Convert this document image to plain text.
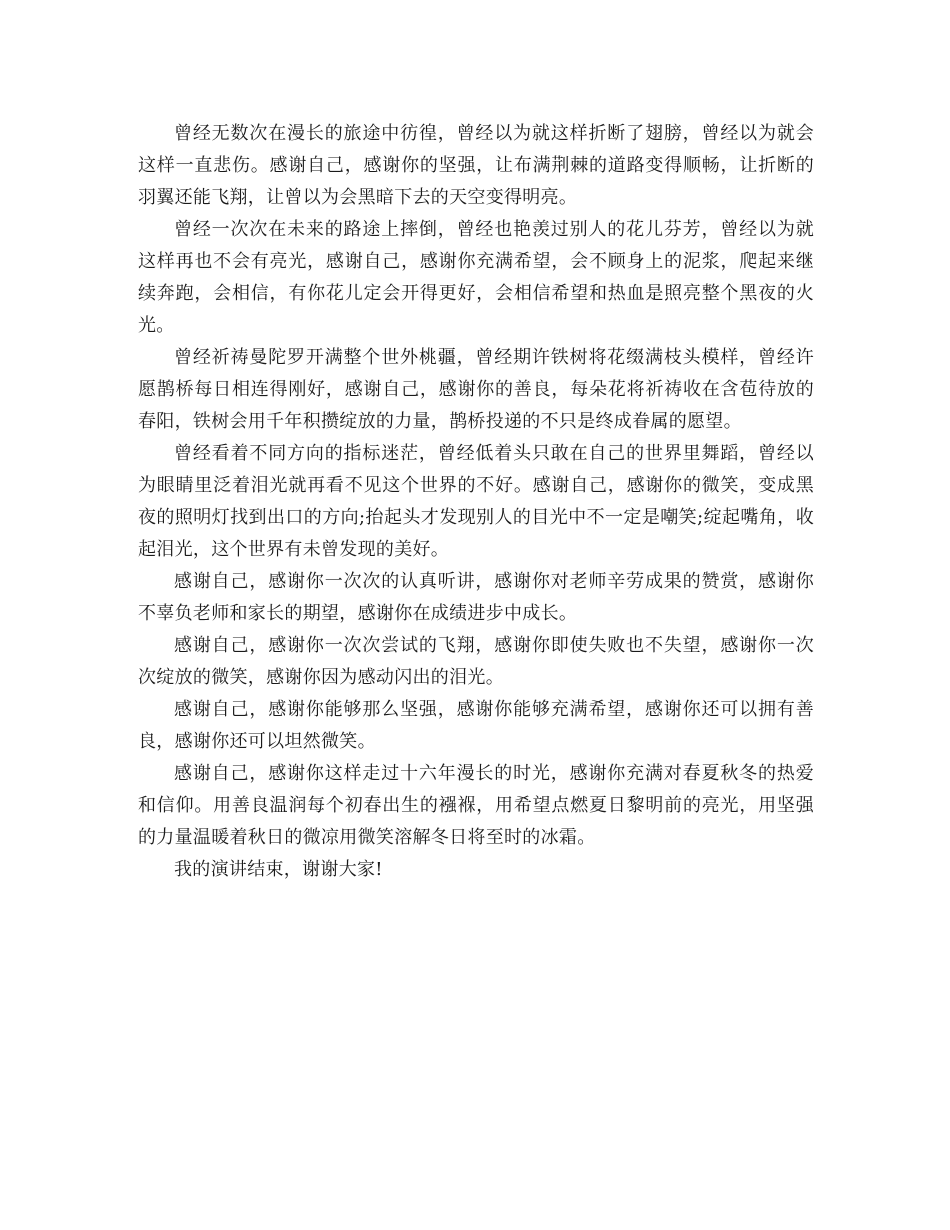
曾经无数次在漫长的旅途中彷徨，曾经以为就这样折断了翅膀，曾经以为就会这样一直悲伤。感谢自己，感谢你的坚强，让布满荆棘的道路变得顺畅，让折断的羽翼还能飞翔，让曾以为会黑暗下去的天空变得明亮。

曾经一次次在未来的路途上摔倒，曾经也艳羡过别人的花儿芬芳，曾经以为就这样再也不会有亮光，感谢自己，感谢你充满希望，会不顾身上的泥浆，爬起来继续奔跑，会相信，有你花儿定会开得更好，会相信希望和热血是照亮整个黑夜的火光。

曾经祈祷曼陀罗开满整个世外桃疆，曾经期许铁树将花缀满枝头模样，曾经许愿鹊桥每日相连得刚好，感谢自己，感谢你的善良，每朵花将祈祷收在含苞待放的春阳，铁树会用千年积攒绽放的力量，鹊桥投递的不只是终成眷属的愿望。

曾经看着不同方向的指标迷茫，曾经低着头只敢在自己的世界里舞蹈，曾经以为眼睛里泛着泪光就再看不见这个世界的不好。感谢自己，感谢你的微笑，变成黑夜的照明灯找到出口的方向;抬起头才发现别人的目光中不一定是嘲笑;绽起嘴角，收起泪光，这个世界有未曾发现的美好。

感谢自己，感谢你一次次的认真听讲，感谢你对老师辛劳成果的赞赏，感谢你不辜负老师和家长的期望，感谢你在成绩进步中成长。

感谢自己，感谢你一次次尝试的飞翔，感谢你即使失败也不失望，感谢你一次次绽放的微笑，感谢你因为感动闪出的泪光。

感谢自己，感谢你能够那么坚强，感谢你能够充满希望，感谢你还可以拥有善良，感谢你还可以坦然微笑。

感谢自己，感谢你这样走过十六年漫长的时光，感谢你充满对春夏秋冬的热爱和信仰。用善良温润每个初春出生的襁褓，用希望点燃夏日黎明前的亮光，用坚强的力量温暖着秋日的微凉用微笑溶解冬日将至时的冰霜。

我的演讲结束，谢谢大家!
